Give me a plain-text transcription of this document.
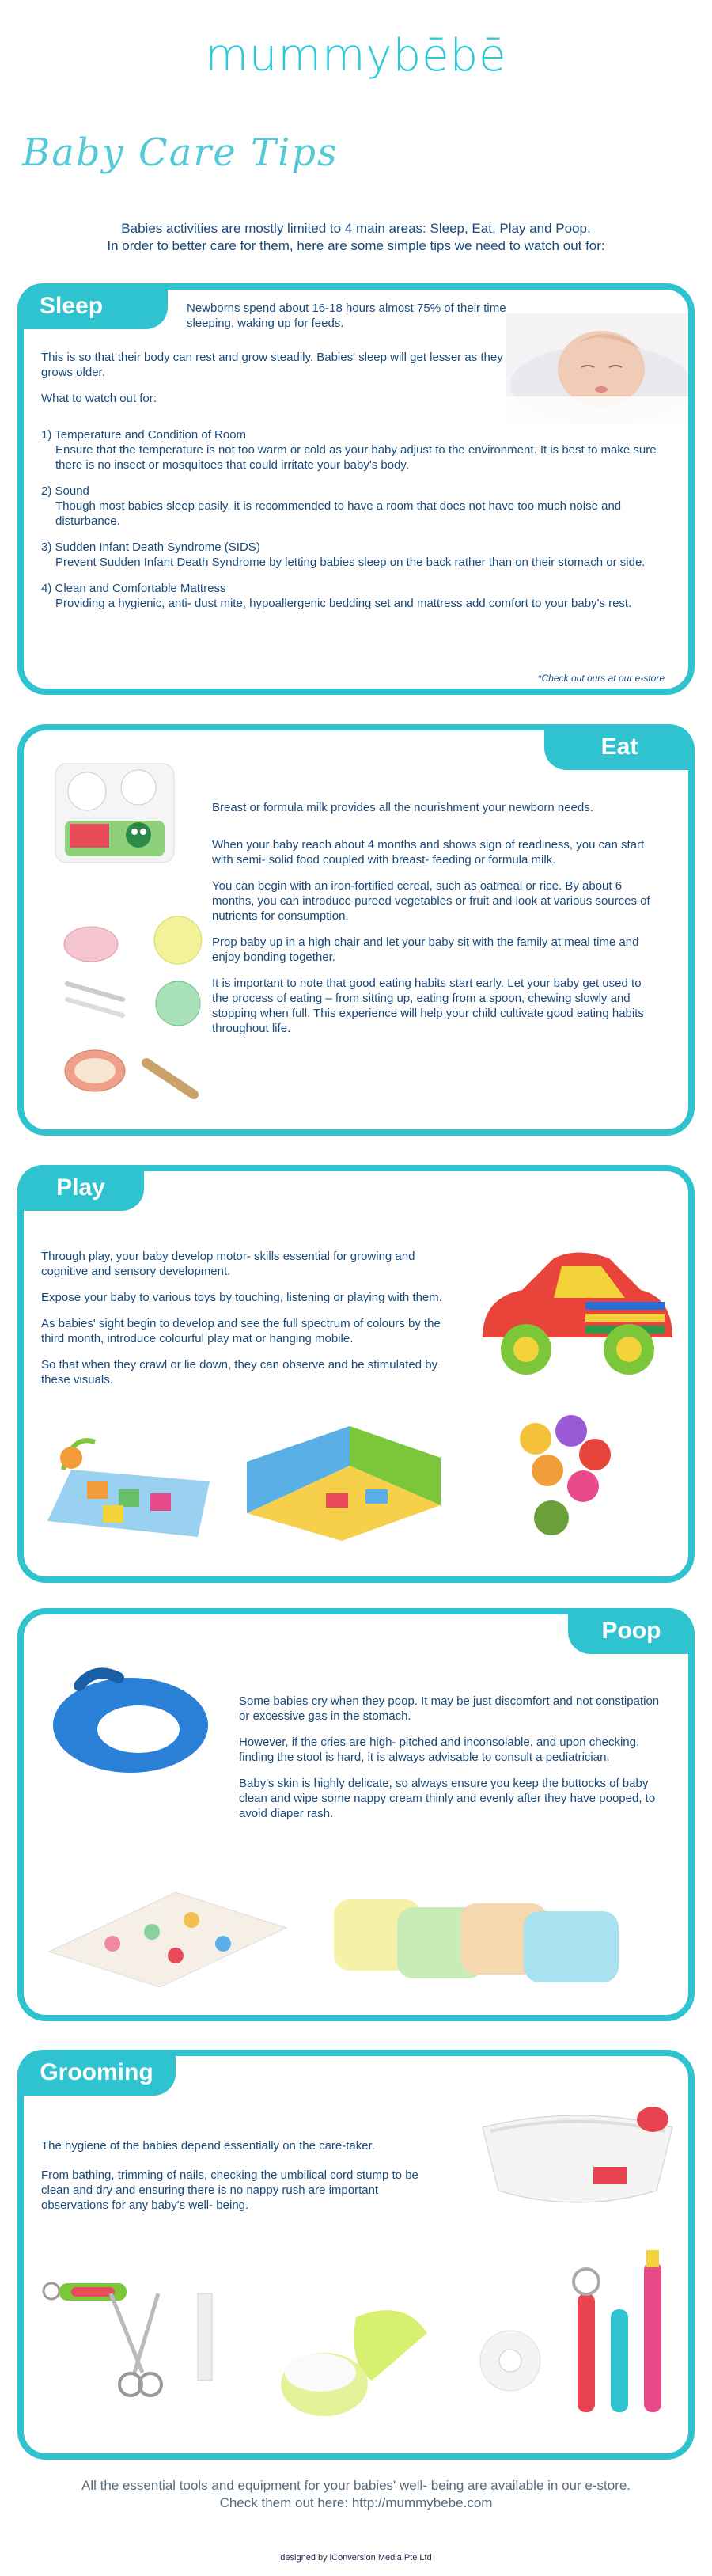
mummybēbē
Baby Care Tips
Babies activities are mostly limited to 4 main areas: Sleep, Eat, Play and Poop.
In order to better care for them, here are some simple tips we need to watch out for:
Sleep	Newborns spend about 16-18 hours almost 75% of their time sleeping, waking up for feeds.

This is so that their body can rest and grow steadily. Babies' sleep will get lesser as they grows older.

What to watch out for:

1) Temperature and Condition of Room

Ensure that the temperature is not too warm or cold as your baby adjust to the environment. It is best to make sure there is no insect or mosquitoes that could irritate your baby's body.

2) Sound

Though most babies sleep easily, it is recommended to have a room that does not have too much noise and disturbance.

3) Sudden Infant Death Syndrome (SIDS)

Prevent Sudden Infant Death Syndrome by letting babies sleep on the back rather than on their stomach or side.

4) Clean and Comfortable Mattress

Providing a hygienic, anti- dust mite, hypoallergenic bedding set and mattress add comfort to your baby's rest.

*Check out ours at our e-store
Eat

Breast or formula milk provides all the nourishment your newborn needs.

When your baby reach about 4 months and shows sign of readiness, you can start with semi- solid food coupled with breast- feeding or formula milk.

You can begin with an iron-fortified cereal, such as oatmeal or rice. By about 6 months, you can introduce pureed vegetables or fruit and look at various sources of nutrients for consumption.

Prop baby up in a high chair and let your baby sit with the family at meal time and enjoy bonding together.

It is important to note that good eating habits start early. Let your baby get used to the process of eating – from sitting up, eating from a spoon, chewing slowly and stopping when full. This experience will help your child cultivate good eating habits throughout life.

Play

Through play, your baby develop motor- skills essential for growing and cognitive and sensory development.

Expose your baby to various toys by touching, listening or playing with them.

As babies' sight begin to develop and see the full spectrum of colours by the third month, introduce colourful play mat or hanging mobile.

So that when they crawl or lie down, they can observe and be stimulated by these visuals.

Poop

Some babies cry when they poop. It may be just discomfort and not constipation or excessive gas in the stomach.

However, if the cries are high- pitched and inconsolable, and upon checking, finding the stool is hard, it is always advisable to consult a pediatrician.

Baby's skin is highly delicate, so always ensure you keep the buttocks of baby clean and wipe some nappy cream thinly and evenly after they have pooped, to avoid diaper rash.

Grooming

The hygiene of the babies depend essentially on the care-taker.

From bathing, trimming of nails, checking the umbilical cord stump to be clean and dry and ensuring there is no nappy rush are important observations for any baby's well- being.

All the essential tools and equipment for your babies' well- being are available in our e-store.
Check them out here: http://mummybebe.com
designed by iConversion Media Pte Ltd
